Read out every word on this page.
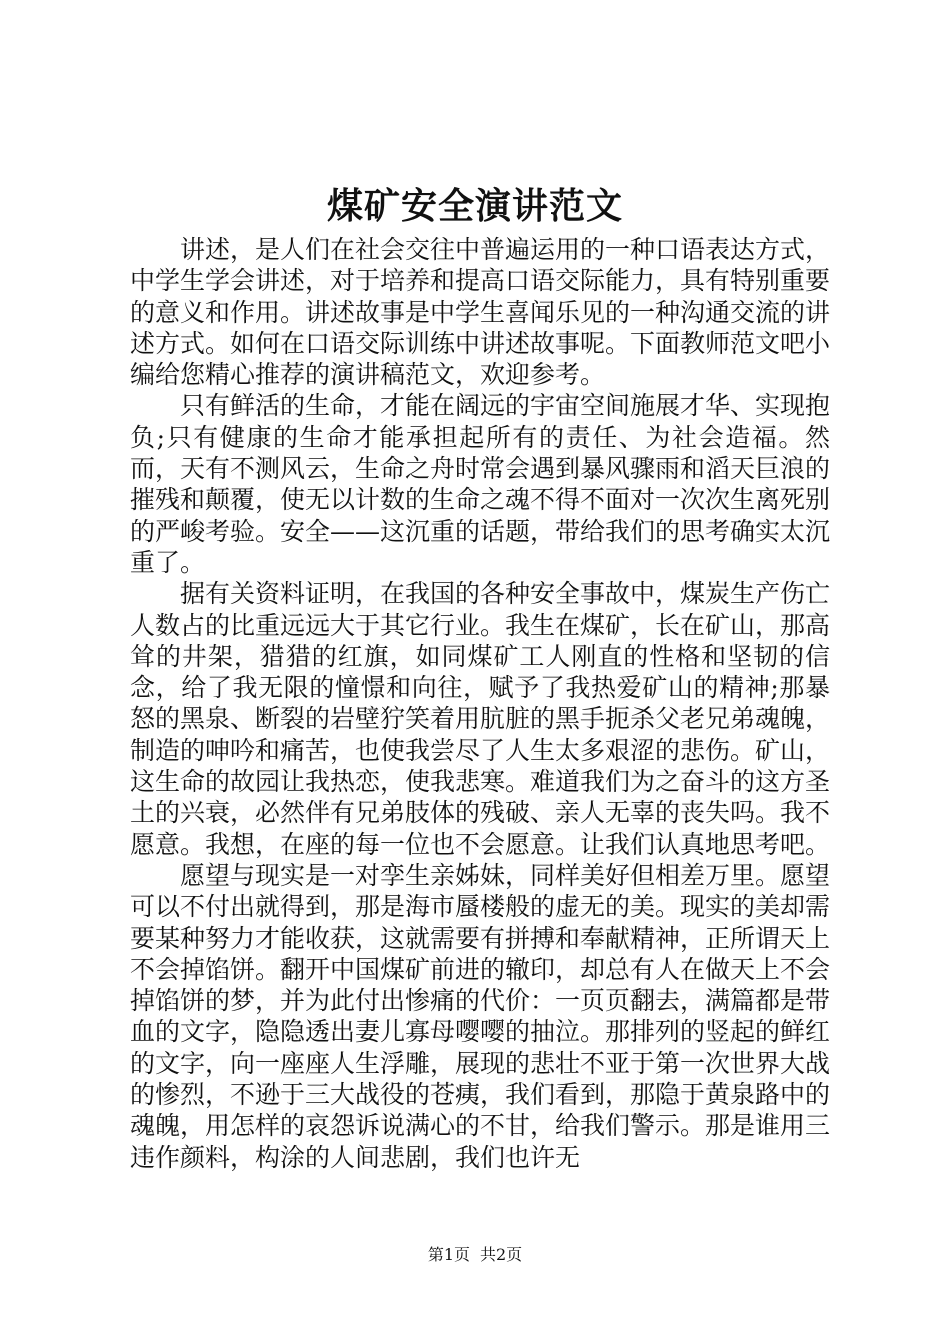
煤矿安全演讲范文

讲述，是人们在社会交往中普遍运用的一种口语表达方式，中学生学会讲述，对于培养和提高口语交际能力，具有特别重要的意义和作用。讲述故事是中学生喜闻乐见的一种沟通交流的讲述方式。如何在口语交际训练中讲述故事呢。下面教师范文吧小编给您精心推荐的演讲稿范文，欢迎参考。

只有鲜活的生命，才能在阔远的宇宙空间施展才华、实现抱负;只有健康的生命才能承担起所有的责任、为社会造福。然而，天有不测风云，生命之舟时常会遇到暴风骤雨和滔天巨浪的摧残和颠覆，使无以计数的生命之魂不得不面对一次次生离死别的严峻考验。安全——这沉重的话题，带给我们的思考确实太沉重了。

据有关资料证明，在我国的各种安全事故中，煤炭生产伤亡人数占的比重远远大于其它行业。我生在煤矿，长在矿山，那高耸的井架，猎猎的红旗，如同煤矿工人刚直的性格和坚韧的信念，给了我无限的憧憬和向往，赋予了我热爱矿山的精神;那暴怒的黑泉、断裂的岩壁狞笑着用肮脏的黑手扼杀父老兄弟魂魄，制造的呻吟和痛苦，也使我尝尽了人生太多艰涩的悲伤。矿山，这生命的故园让我热恋，使我悲寒。难道我们为之奋斗的这方圣土的兴衰，必然伴有兄弟肢体的残破、亲人无辜的丧失吗。我不愿意。我想，在座的每一位也不会愿意。让我们认真地思考吧。

愿望与现实是一对孪生亲姊妹，同样美好但相差万里。愿望可以不付出就得到，那是海市蜃楼般的虚无的美。现实的美却需要某种努力才能收获，这就需要有拼搏和奉献精神，正所谓天上不会掉馅饼。翻开中国煤矿前进的辙印，却总有人在做天上不会掉馅饼的梦，并为此付出惨痛的代价：一页页翻去，满篇都是带血的文字，隐隐透出妻儿寡母嘤嘤的抽泣。那排列的竖起的鲜红的文字，向一座座人生浮雕，展现的悲壮不亚于第一次世界大战的惨烈，不逊于三大战役的苍痍，我们看到，那隐于黄泉路中的魂魄，用怎样的哀怨诉说满心的不甘，给我们警示。那是谁用三违作颜料，构涂的人间悲剧，我们也许无

第1页 共2页
